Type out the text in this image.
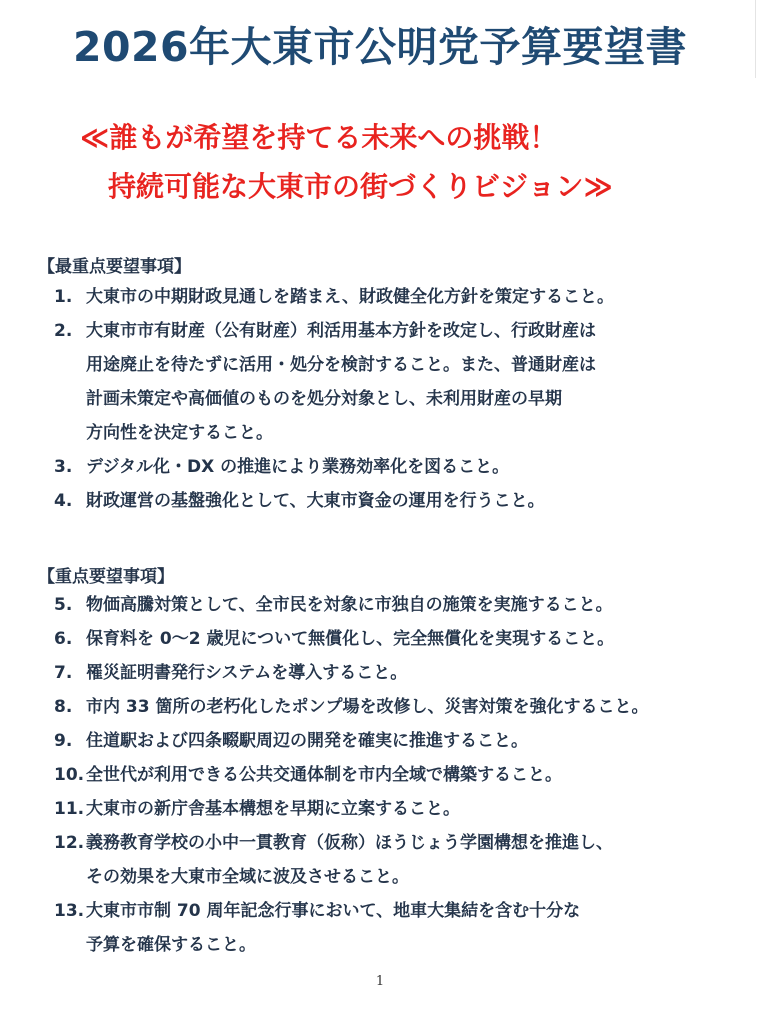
2026年大東市公明党予算要望書
≪誰もが希望を持てる未来への挑戦！
持続可能な大東市の街づくりビジョン≫
【最重点要望事項】
1. 大東市の中期財政見通しを踏まえ、財政健全化方針を策定すること。
2. 大東市市有財産（公有財産）利活用基本方針を改定し、行政財産は
用途廃止を待たずに活用・処分を検討すること。また、普通財産は
計画未策定や高価値のものを処分対象とし、未利用財産の早期
方向性を決定すること。
3. デジタル化・DX の推進により業務効率化を図ること。
4. 財政運営の基盤強化として、大東市資金の運用を行うこと。
【重点要望事項】
5. 物価高騰対策として、全市民を対象に市独自の施策を実施すること。
6. 保育料を 0～2 歳児について無償化し、完全無償化を実現すること。
7. 罹災証明書発行システムを導入すること。
8. 市内 33 箇所の老朽化したポンプ場を改修し、災害対策を強化すること。
9. 住道駅および四条畷駅周辺の開発を確実に推進すること。
10. 全世代が利用できる公共交通体制を市内全域で構築すること。
11. 大東市の新庁舎基本構想を早期に立案すること。
12. 義務教育学校の小中一貫教育（仮称）ほうじょう学園構想を推進し、
その効果を大東市全域に波及させること。
13. 大東市市制 70 周年記念行事において、地車大集結を含む十分な
予算を確保すること。
1
